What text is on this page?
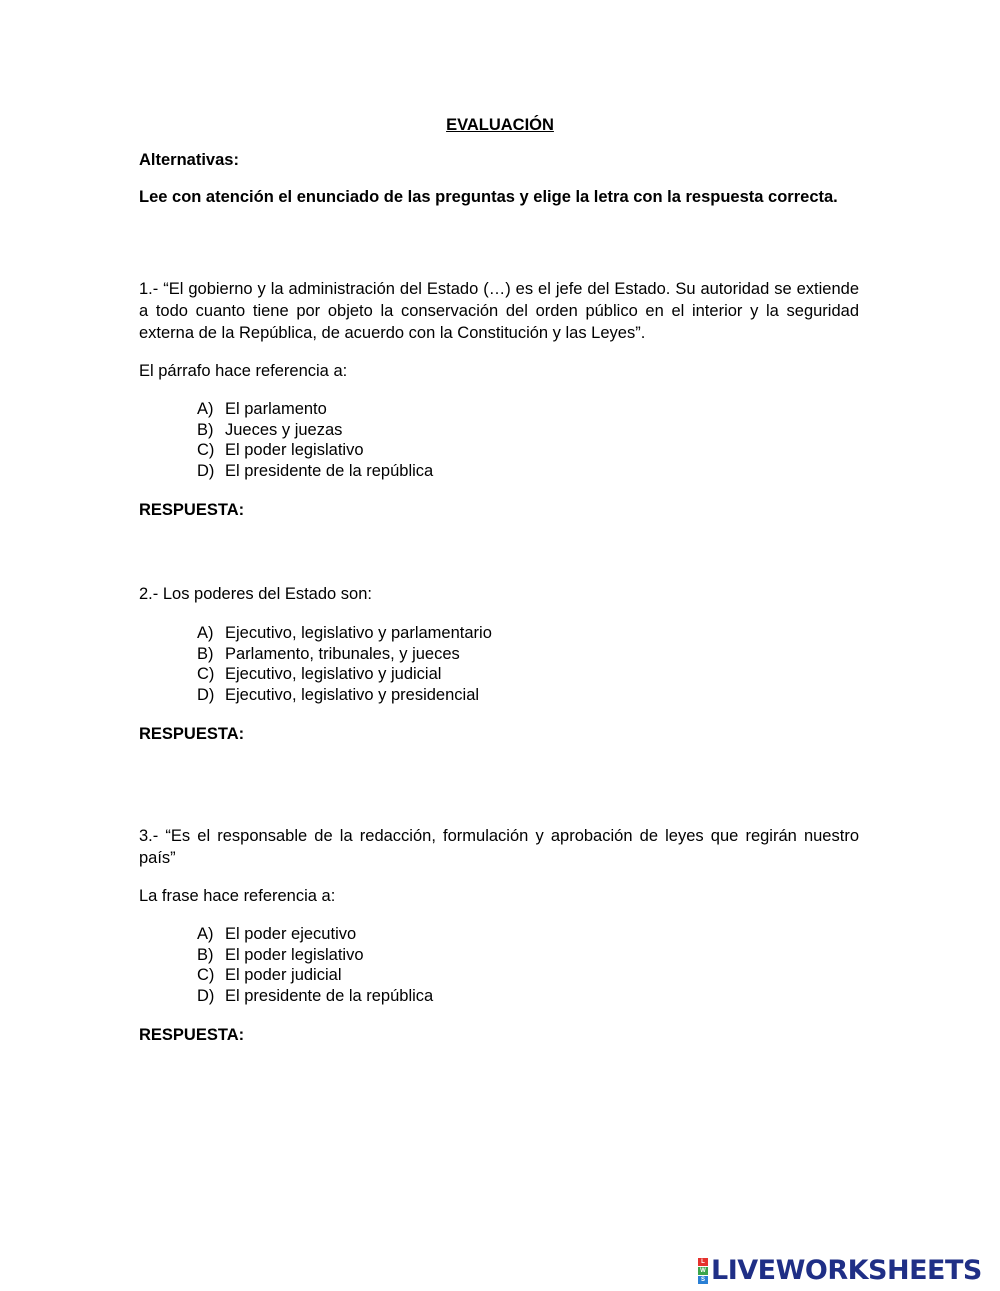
EVALUACIÓN
Alternativas:
Lee con atención el enunciado de las preguntas y elige la letra con la respuesta correcta.

1.- “El gobierno y la administración del Estado (…) es el jefe del Estado. Su autoridad se extiende a todo cuanto tiene por objeto la conservación del orden público en el interior y la seguridad externa de la República, de acuerdo con la Constitución y las Leyes”.

El párrafo hace referencia a:

A) El parlamento
B) Jueces y juezas
C) El poder legislativo
D) El presidente de la república

RESPUESTA:

2.- Los poderes del Estado son:

A) Ejecutivo, legislativo y parlamentario
B) Parlamento, tribunales, y jueces
C) Ejecutivo, legislativo y judicial
D) Ejecutivo, legislativo y presidencial

RESPUESTA:

3.- “Es el responsable de la redacción, formulación y aprobación de leyes que regirán nuestro país”

La frase hace referencia a:

A) El poder ejecutivo
B) El poder legislativo
C) El poder judicial
D) El presidente de la república

RESPUESTA:

L
W
S LIVEWORKSHEETS
